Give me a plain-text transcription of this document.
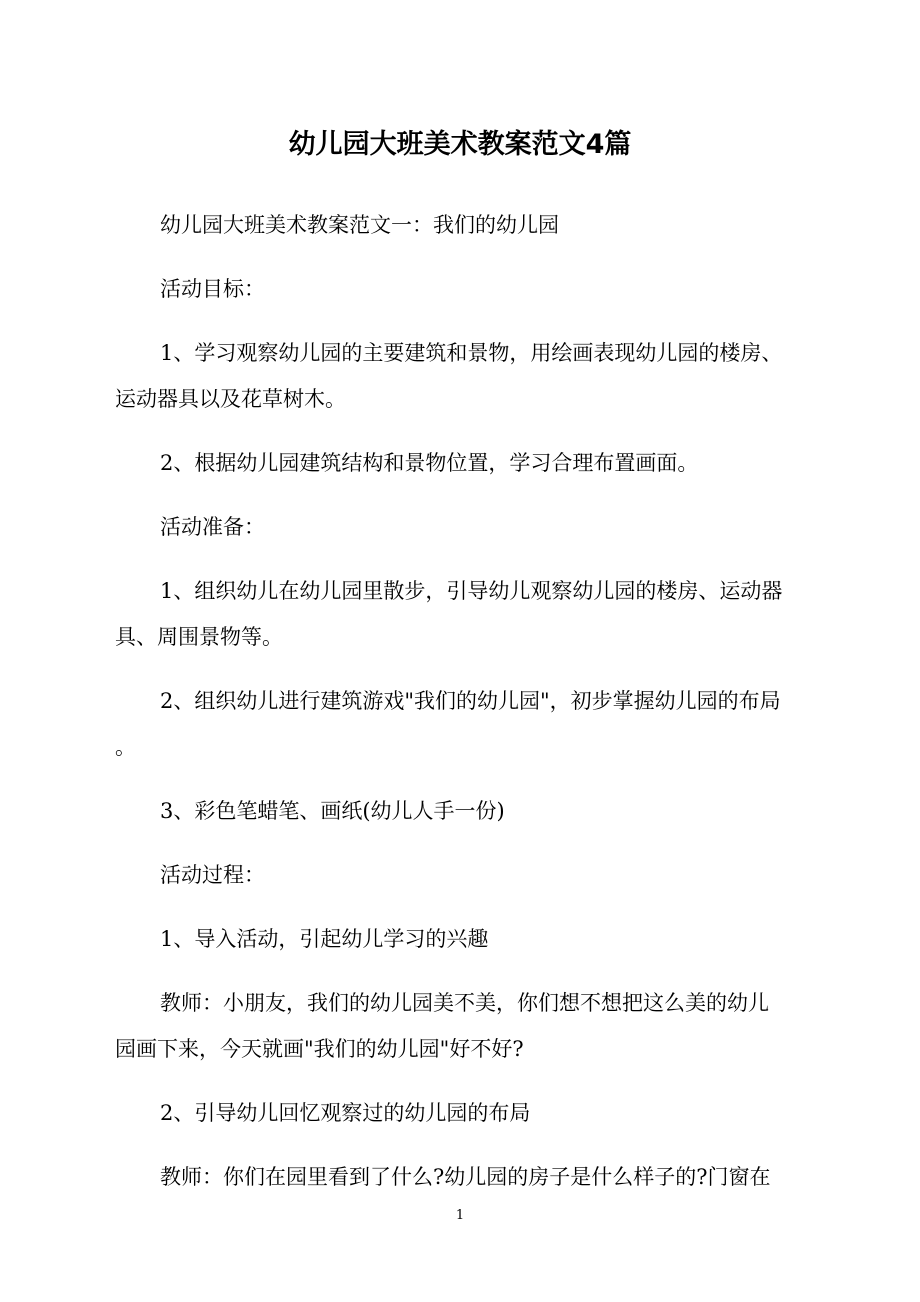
幼儿园大班美术教案范文4篇
幼儿园大班美术教案范文一：我们的幼儿园
活动目标：
1、学习观察幼儿园的主要建筑和景物，用绘画表现幼儿园的楼房、
运动器具以及花草树木。
2、根据幼儿园建筑结构和景物位置，学习合理布置画面。
活动准备：
1、组织幼儿在幼儿园里散步，引导幼儿观察幼儿园的楼房、运动器
具、周围景物等。
2、组织幼儿进行建筑游戏"我们的幼儿园"，初步掌握幼儿园的布局
。
3、彩色笔蜡笔、画纸(幼儿人手一份)
活动过程：
1、导入活动，引起幼儿学习的兴趣
教师：小朋友，我们的幼儿园美不美，你们想不想把这么美的幼儿
园画下来，今天就画"我们的幼儿园"好不好?
2、引导幼儿回忆观察过的幼儿园的布局
教师：你们在园里看到了什么?幼儿园的房子是什么样子的?门窗在
1
